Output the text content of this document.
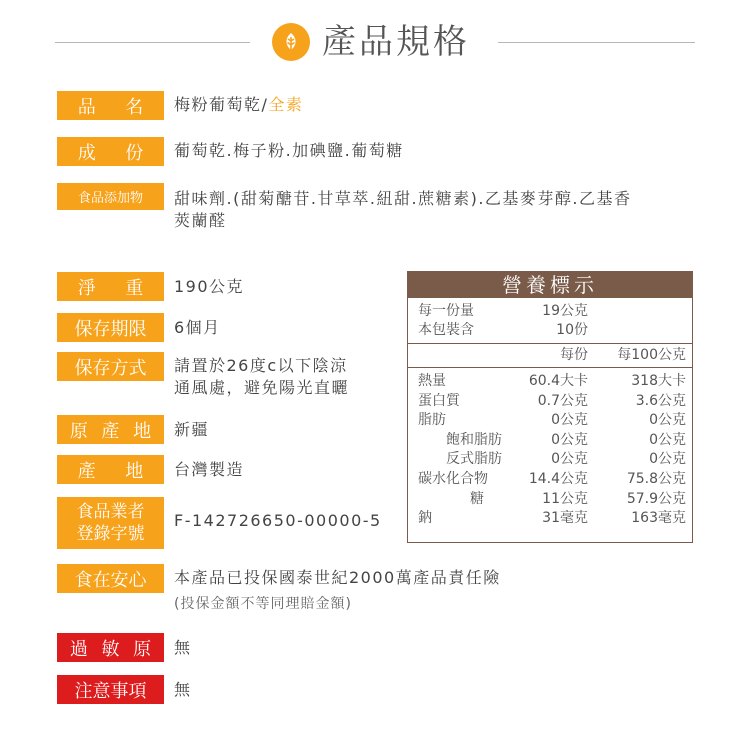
產品規格
品 名 梅粉葡萄乾/全素
成 份 葡萄乾.梅子粉.加碘鹽.葡萄糖
食品添加物	甜味劑.(甜菊醣苷.甘草萃.紐甜.蔗糖素).乙基麥芽醇.乙基香
莢蘭醛
淨 重 190公克
保存期限	6個月
保存方式	請置於26度c以下陰涼
通風處，避免陽光直曬
原 產 地 新疆
產 地 台灣製造
食品業者
登錄字號
F-142726650-00000-5
食在安心	本產品已投保國泰世紀2000萬產品責任險
(投保金額不等同理賠金額)
過 敏 原 無
注意事項	無
營養標示
每一份量	19公克
本包裝含	10份
每份 每100公克
熱量	60.4大卡	318大卡
蛋白質	0.7公克	3.6公克
脂肪	0公克	0公克
飽和脂肪	0公克	0公克
反式脂肪	0公克	0公克
碳水化合物	14.4公克	75.8公克
糖	11公克	57.9公克
鈉	31毫克	163毫克
